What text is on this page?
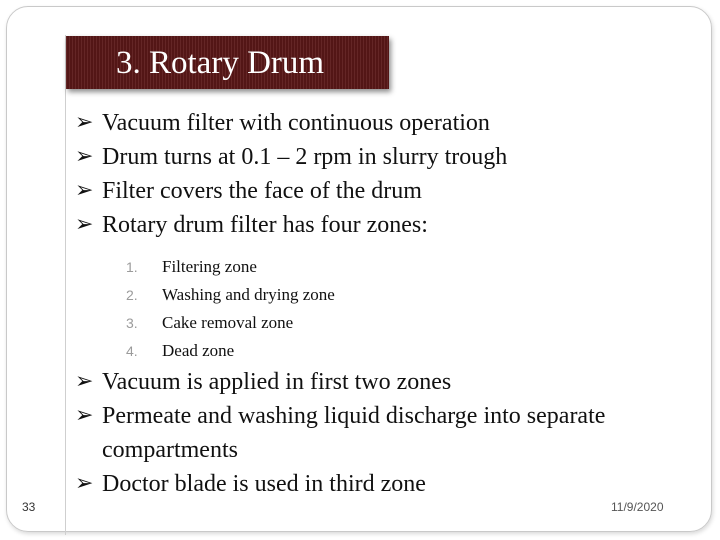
3. Rotary Drum
➢ Vacuum filter with continuous operation
➢ Drum turns at 0.1 – 2 rpm in slurry trough
➢ Filter covers the face of the drum
➢ Rotary drum filter has four zones:
1. Filtering zone
2. Washing and drying zone
3. Cake removal zone
4. Dead zone
➢ Vacuum is applied in first two zones
➢ Permeate and washing liquid discharge into separate compartments
➢ Doctor blade is used in third zone
33	11/9/2020
